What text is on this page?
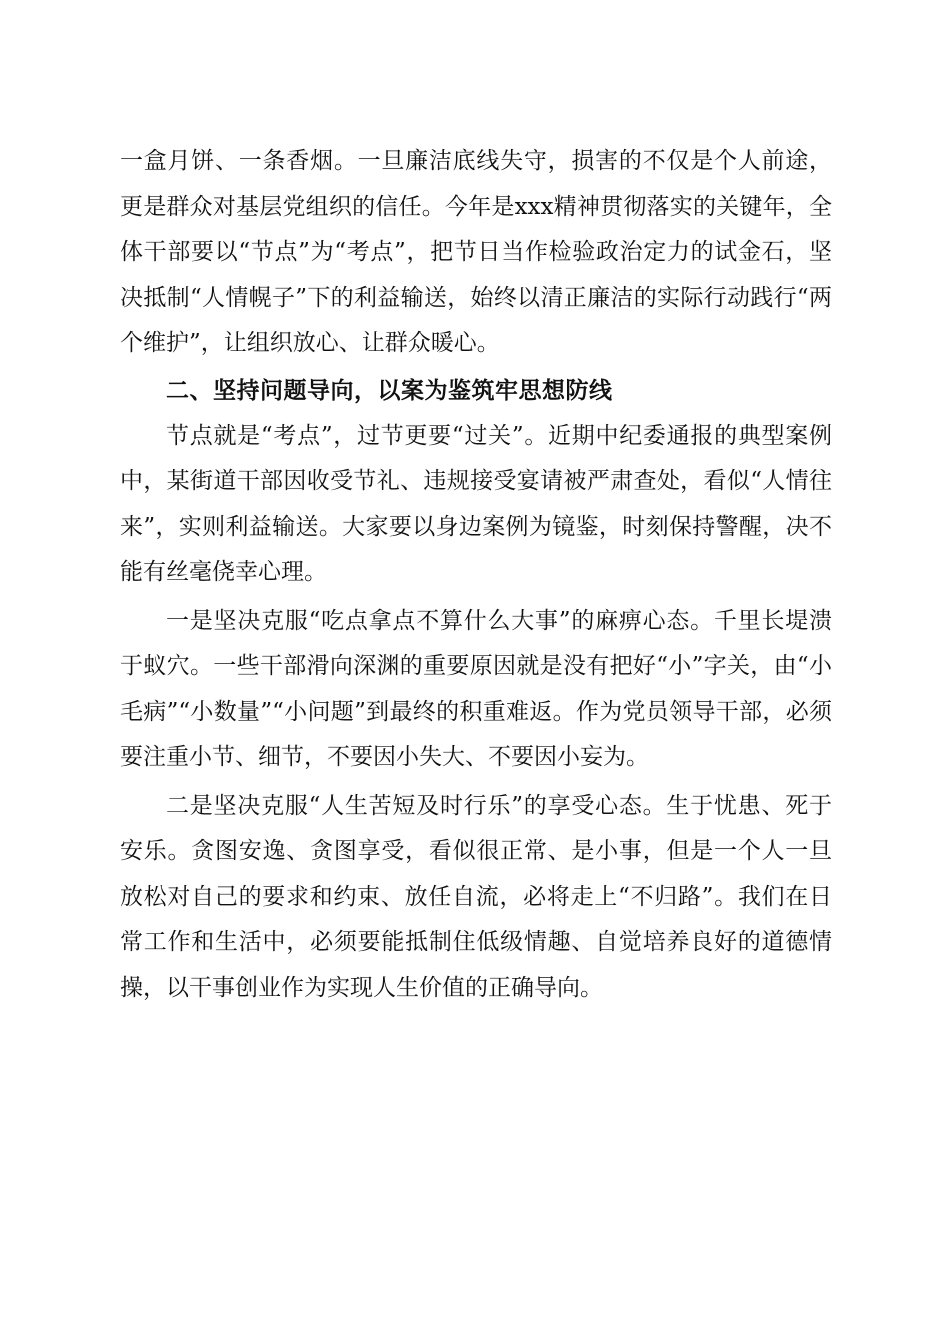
一盒月饼、一条香烟。一旦廉洁底线失守，损害的不仅是个人前途，更是群众对基层党组织的信任。今年是xxx精神贯彻落实的关键年，全体干部要以“节点”为“考点”，把节日当作检验政治定力的试金石，坚决抵制“人情幌子”下的利益输送，始终以清正廉洁的实际行动践行“两个维护”，让组织放心、让群众暖心。

二、坚持问题导向，以案为鉴筑牢思想防线

节点就是“考点”，过节更要“过关”。近期中纪委通报的典型案例中，某街道干部因收受节礼、违规接受宴请被严肃查处，看似“人情往来”，实则利益输送。大家要以身边案例为镜鉴，时刻保持警醒，决不能有丝毫侥幸心理。

一是坚决克服“吃点拿点不算什么大事”的麻痹心态。千里长堤溃于蚁穴。一些干部滑向深渊的重要原因就是没有把好“小”字关，由“小毛病”“小数量”“小问题”到最终的积重难返。作为党员领导干部，必须要注重小节、细节，不要因小失大、不要因小妄为。

二是坚决克服“人生苦短及时行乐”的享受心态。生于忧患、死于安乐。贪图安逸、贪图享受，看似很正常、是小事，但是一个人一旦放松对自己的要求和约束、放任自流，必将走上“不归路”。我们在日常工作和生活中，必须要能抵制住低级情趣、自觉培养良好的道德情操，以干事创业作为实现人生价值的正确导向。
